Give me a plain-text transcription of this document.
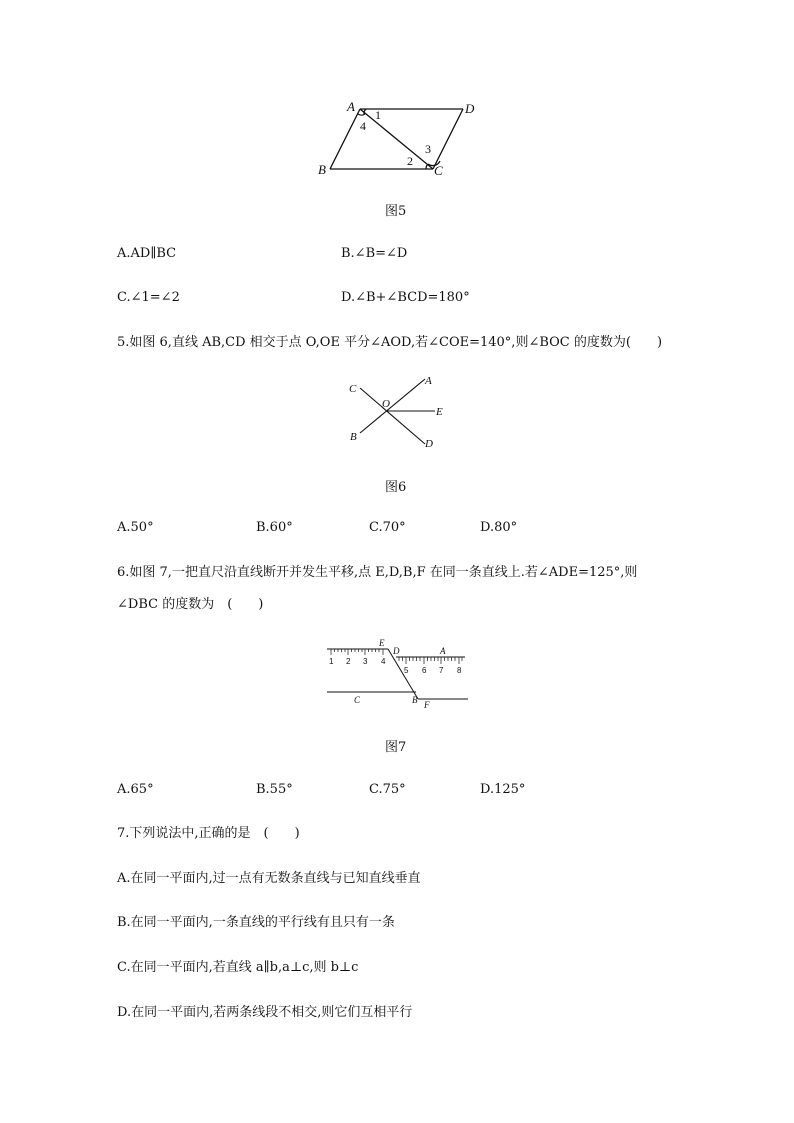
A	D
B	C
1
4
2
3
图5
A.AD∥BC	B.∠B=∠D
C.∠1=∠2	D.∠B+∠BCD=180°
5.如图 6,直线 AB,CD 相交于点 O,OE 平分∠AOD,若∠COE=140°,则∠BOC 的度数为(　　)
C
A
O
E
B
D
图6
A.50°	B.60°	C.70°	D.80°
6.如图 7,一把直尺沿直线断开并发生平移,点 E,D,B,F 在同一条直线上.若∠ADE=125°,则
∠DBC 的度数为　(　　)
1 2 3 4
5 6 7 8
E
D	A
C	B F
图7
A.65°	B.55°	C.75°	D.125°
7.下列说法中,正确的是　(　　)
A.在同一平面内,过一点有无数条直线与已知直线垂直
B.在同一平面内,一条直线的平行线有且只有一条
C.在同一平面内,若直线 a∥b,a⊥c,则 b⊥c
D.在同一平面内,若两条线段不相交,则它们互相平行
